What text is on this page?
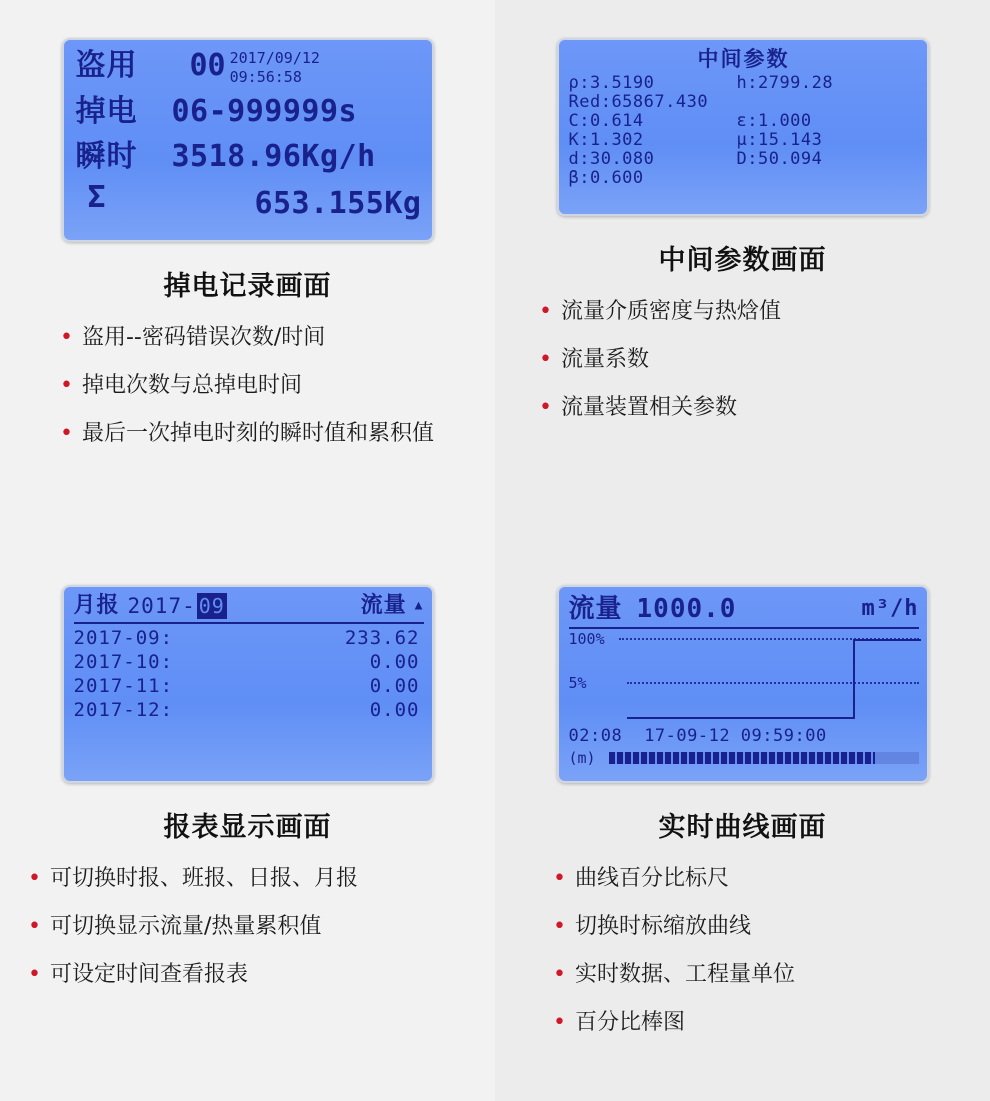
盗用	00 2017/09/12
09:56:58
掉电	06-999999s
瞬时	3518.96Kg/h
Σ	653.155Kg
掉电记录画面
• 盗用--密码错误次数/时间
• 掉电次数与总掉电时间
• 最后一次掉电时刻的瞬时值和累积值
中间参数
ρ:3.5190	h:2799.28
Red:65867.430
C:0.614	ε:1.000
K:1.302	μ:15.143
d:30.080	D:50.094
β:0.600
中间参数画面
• 流量介质密度与热焓值
• 流量系数
• 流量装置相关参数
月报 2017- 09	流量 ▲
2017-09:	233.62
2017-10:	0.00
2017-11:	0.00
2017-12:	0.00
报表显示画面
• 可切换时报、班报、日报、月报
• 可切换显示流量/热量累积值
• 可设定时间查看报表
流量 1000.0	m³/h
100%
5%
02:08	17-09-12 09:59:00
(m)
实时曲线画面
• 曲线百分比标尺
• 切换时标缩放曲线
• 实时数据、工程量单位
• 百分比棒图
